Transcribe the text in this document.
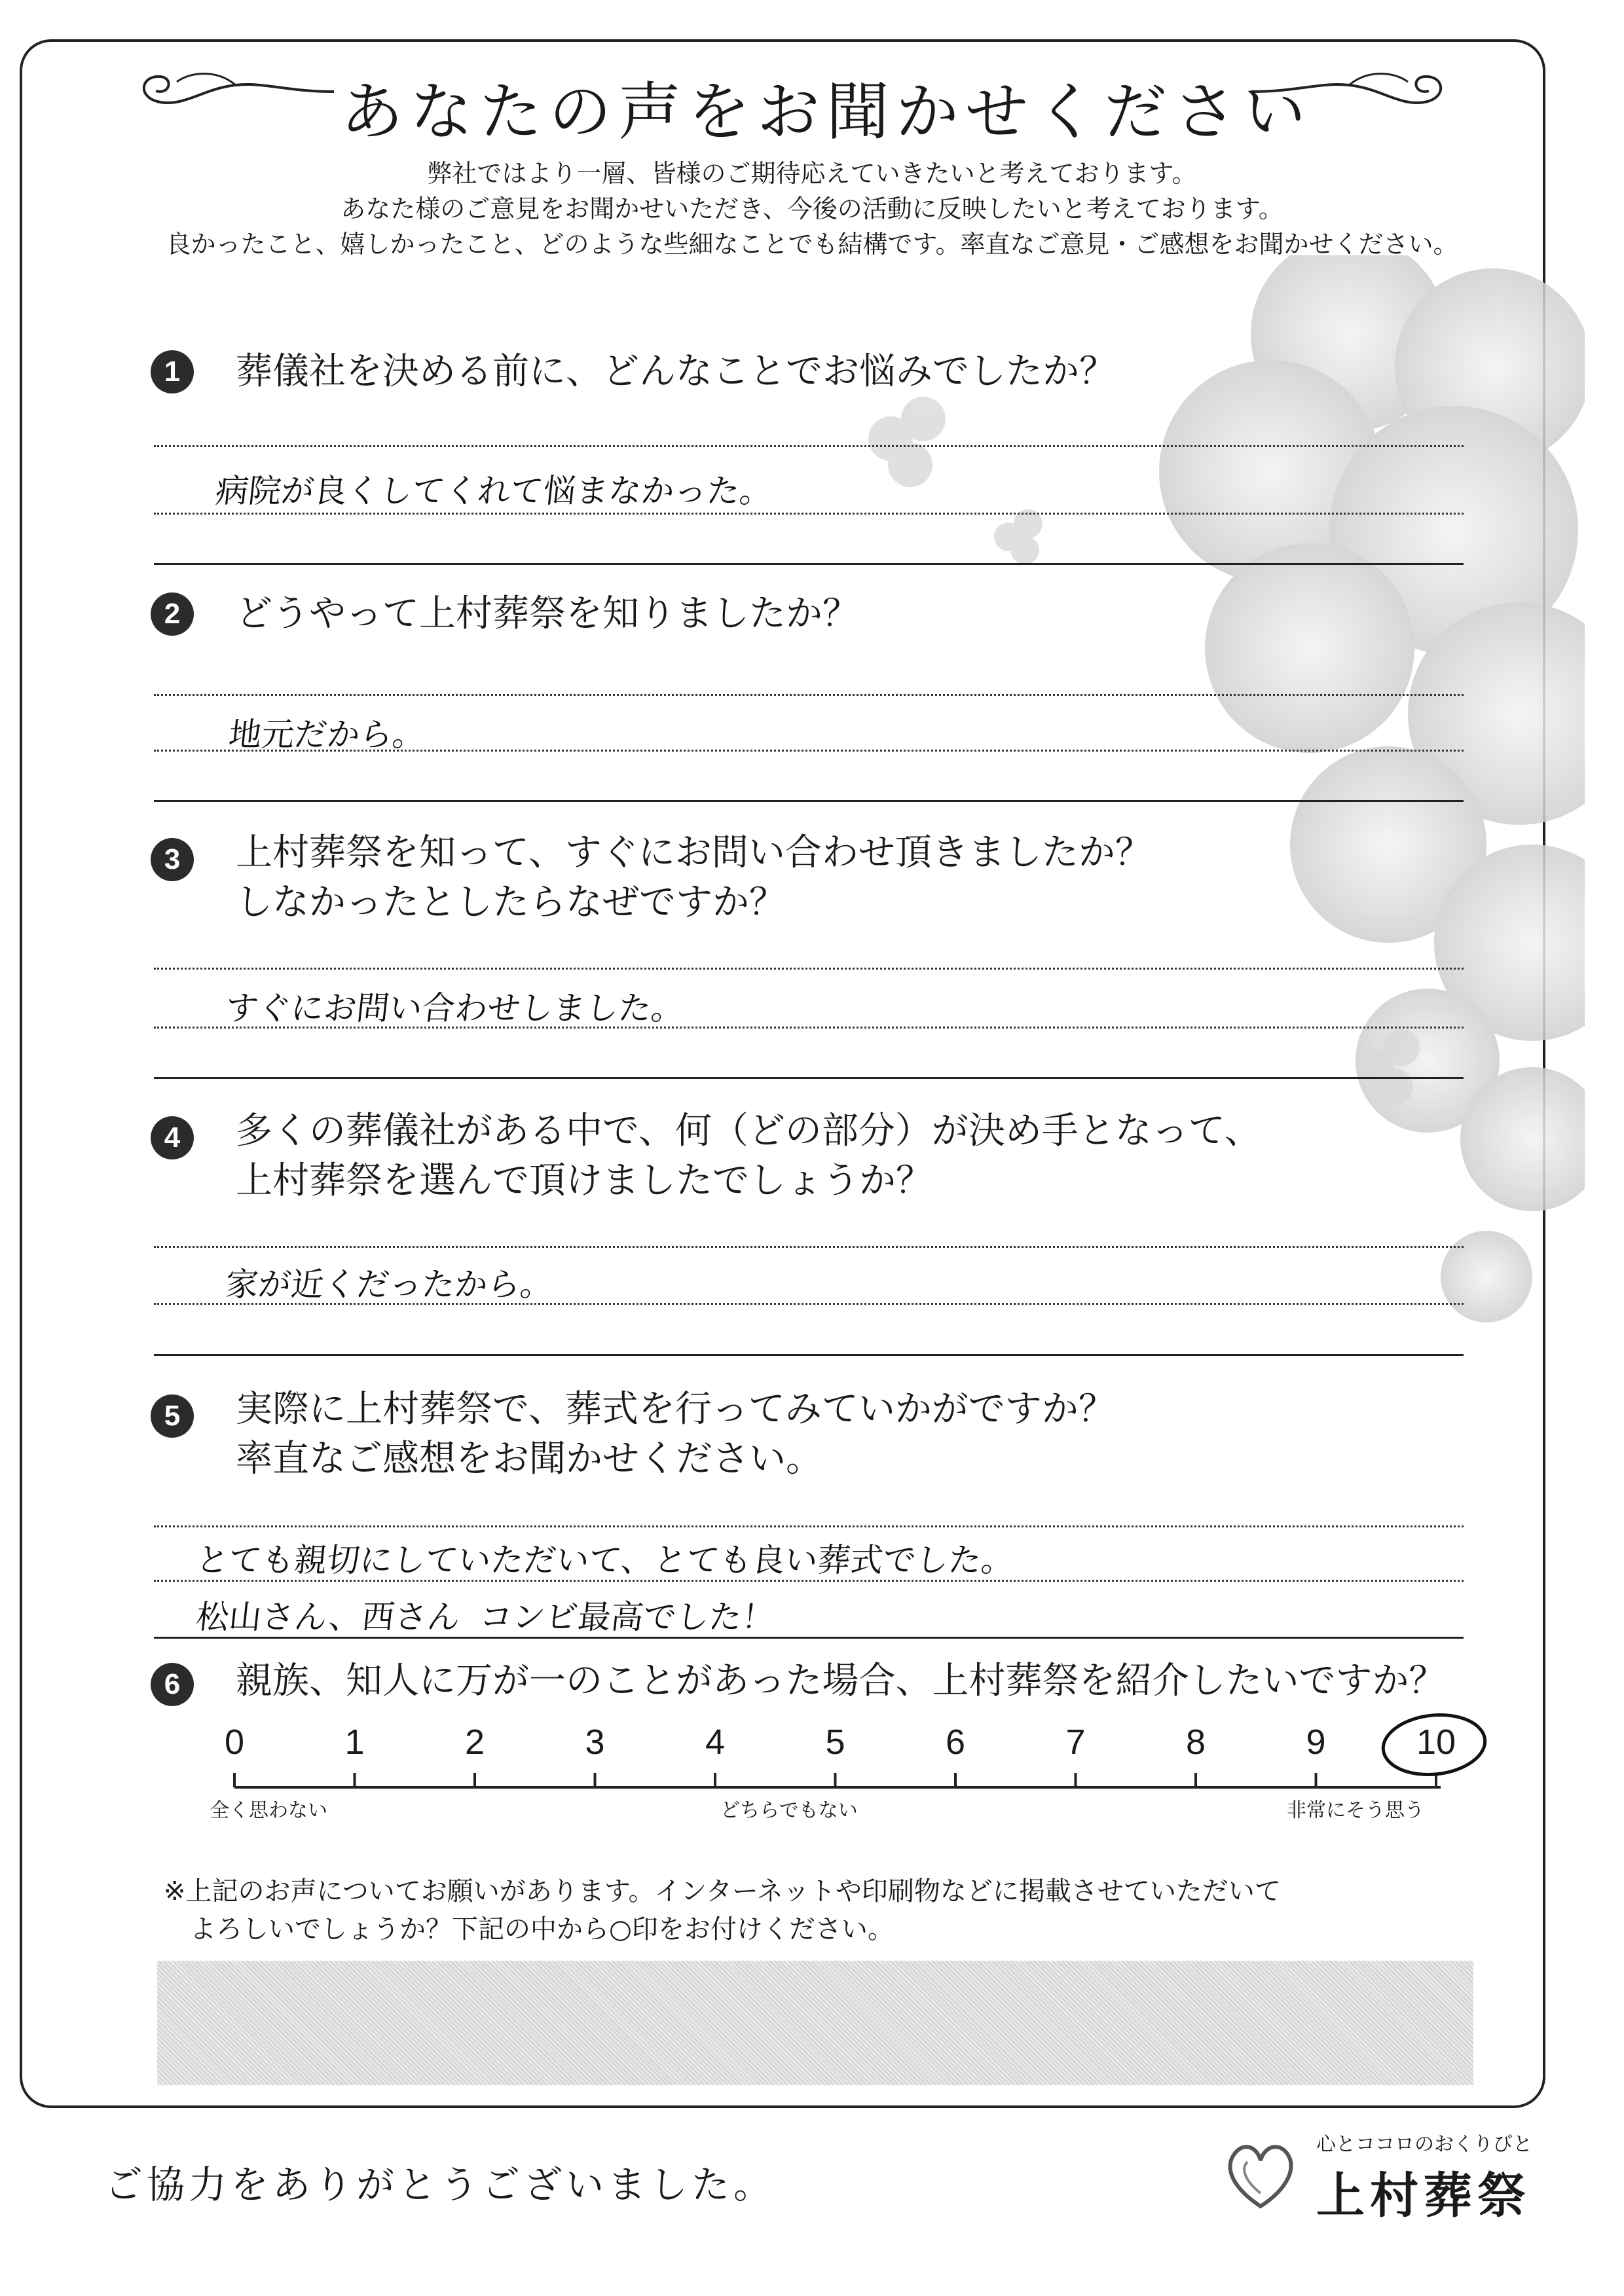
あなたの声をお聞かせください
弊社ではより一層、皆様のご期待応えていきたいと考えております。
あなた様のご意見をお聞かせいただき、今後の活動に反映したいと考えております。
良かったこと、嬉しかったこと、どのような些細なことでも結構です。率直なご意見・ご感想をお聞かせください。
1	葬儀社を決める前に、どんなことでお悩みでしたか？
病院が良くしてくれて悩まなかった。
2	どうやって上村葬祭を知りましたか？
地元だから。
3	上村葬祭を知って、すぐにお問い合わせ頂きましたか？
しなかったとしたらなぜですか？
すぐにお問い合わせしました。
4	多くの葬儀社がある中で、何（どの部分）が決め手となって、
上村葬祭を選んで頂けましたでしょうか？
家が近くだったから。
5	実際に上村葬祭で、葬式を行ってみていかがですか？
率直なご感想をお聞かせください。
とても親切にしていただいて、とても良い葬式でした。
松山さん、西さん コンビ最高でした！
6	親族、知人に万が一のことがあった場合、上村葬祭を紹介したいですか？
0	1	2	3	4	5	6	7	8	9	10
全く思わない	どちらでもない	非常にそう思う
※上記のお声についてお願いがあります。インターネットや印刷物などに掲載させていただいて
よろしいでしょうか？下記の中から○印をお付けください。
ご協力をありがとうございました。
心とココロのおくりびと
上村葬祭
